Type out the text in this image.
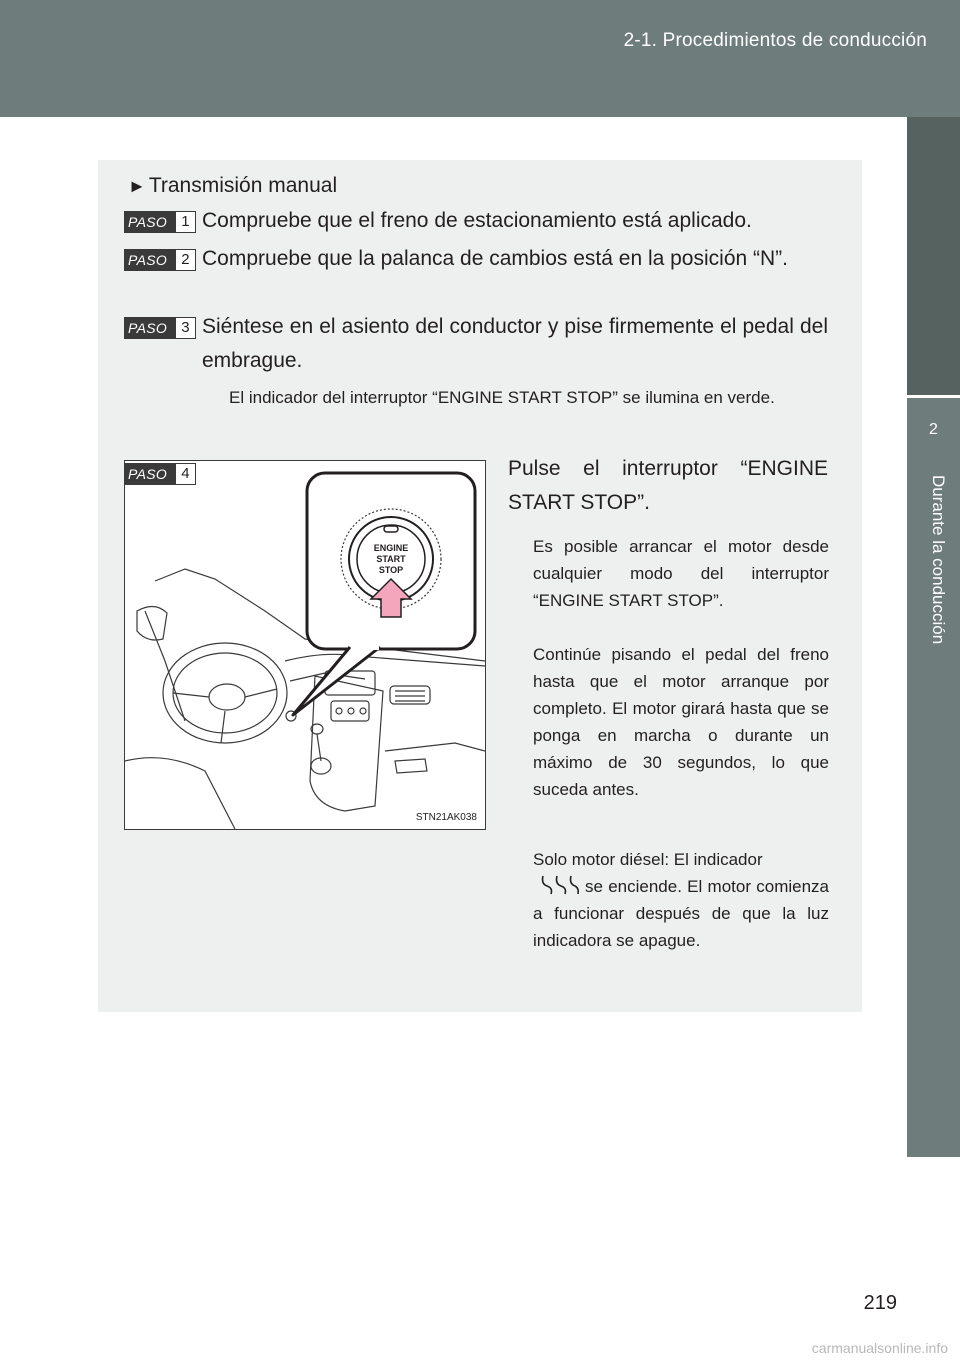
2-1. Procedimientos de conducción
2
Durante la conducción
► Transmisión manual
PASO 1 Compruebe que el freno de estacionamiento está aplicado.
PASO 2 Compruebe que la palanca de cambios está en la posición “N”.
PASO 3 Siéntese en el asiento del conductor y pise firmemente el pedal del embrague.
El indicador del interruptor “ENGINE START STOP” se ilumina en verde.
ENGINE
START
STOP
PASO 4
STN21AK038
Pulse el interruptor “ENGINE
START STOP”.
Es posible arrancar el motor desde cualquier modo del interruptor “ENGINE START STOP”.
Continúe pisando el pedal del freno hasta que el motor arranque por completo. El motor girará hasta que se ponga en marcha o durante un máximo de 30 segundos, lo que suceda antes.
Solo motor diésel: El indicador
se enciende. El motor comienza a funcionar después de que la luz indicadora se apague.
219
carmanualsonline.info
